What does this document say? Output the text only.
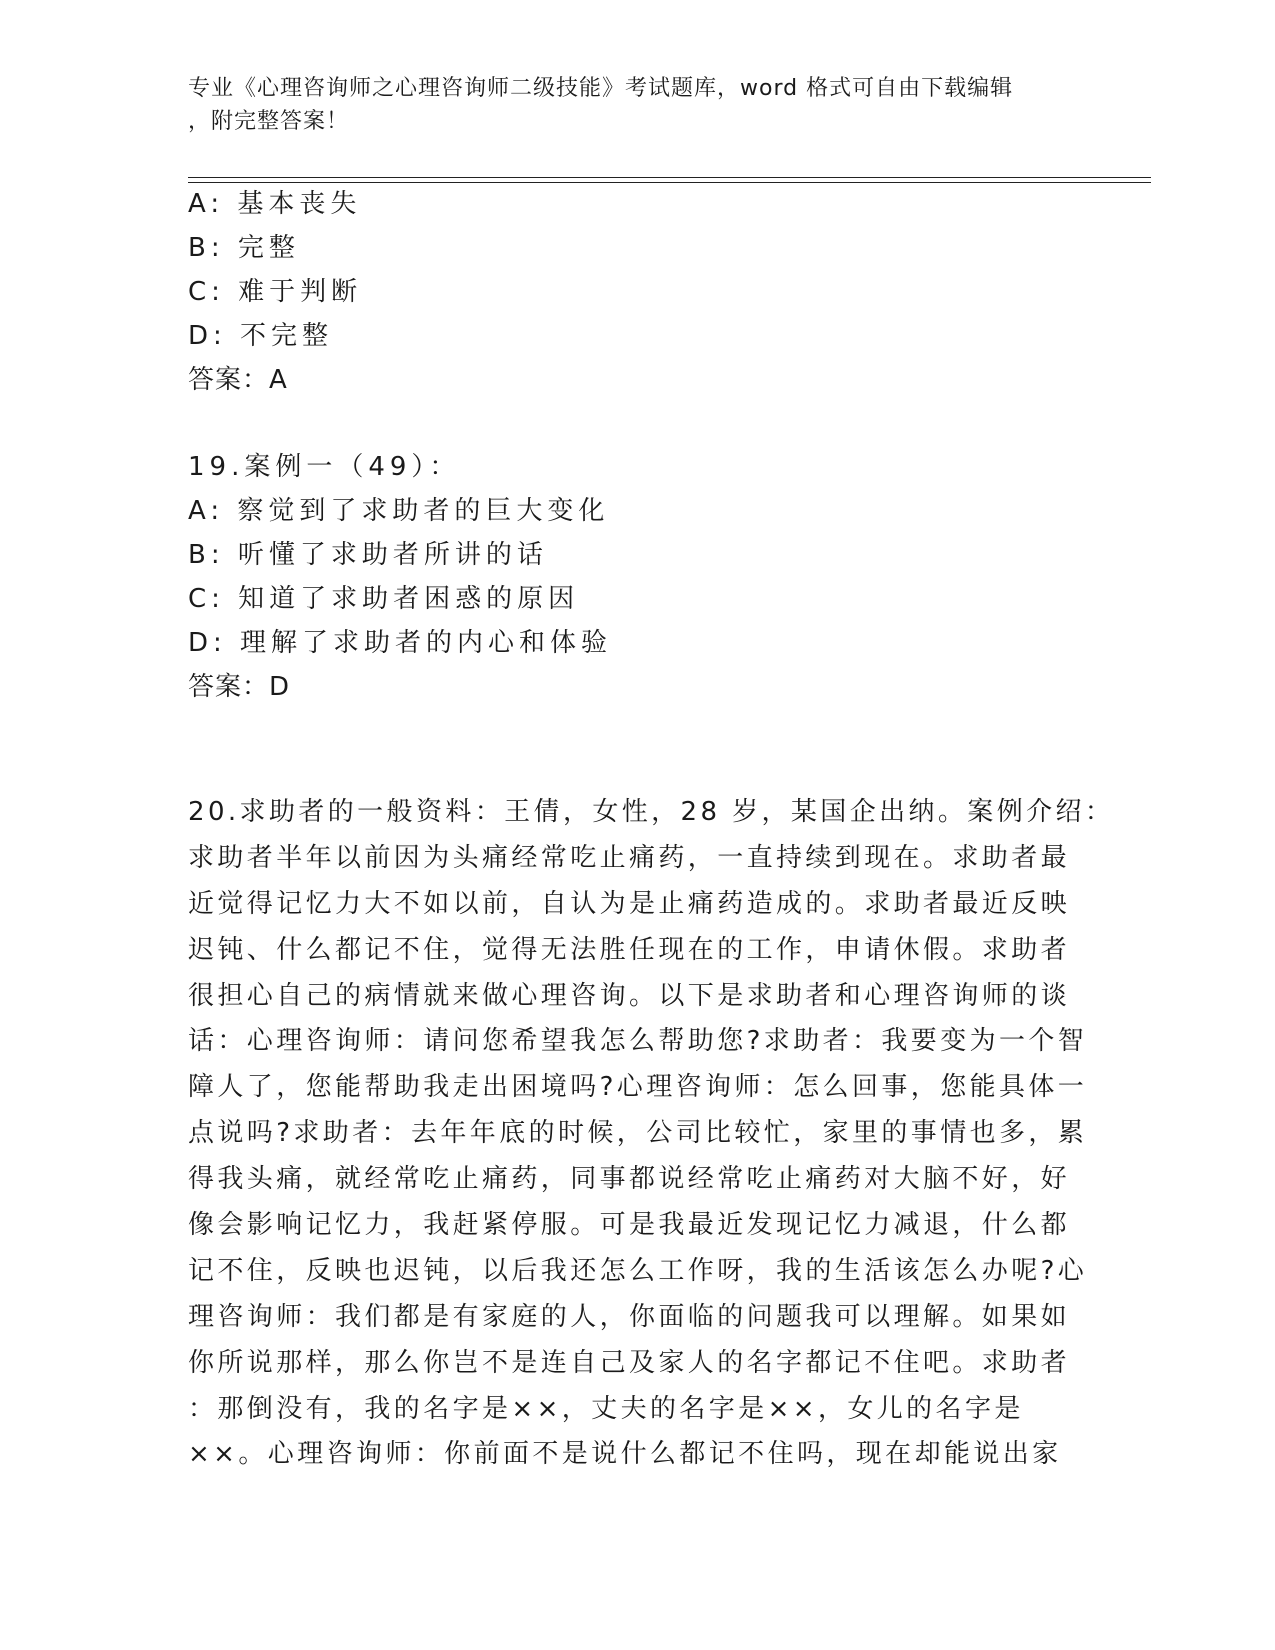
专业《心理咨询师之心理咨询师二级技能》考试题库，word 格式可自由下载编辑
，附完整答案！
A: 基本丧失
B: 完整
C: 难于判断
D: 不完整
答案：A
19.案例一（49）：
A: 察觉到了求助者的巨大变化
B: 听懂了求助者所讲的话
C: 知道了求助者困惑的原因
D: 理解了求助者的内心和体验
答案：D
20.求助者的一般资料：王倩，女性，28 岁，某国企出纳。案例介绍：
求助者半年以前因为头痛经常吃止痛药，一直持续到现在。求助者最
近觉得记忆力大不如以前，自认为是止痛药造成的。求助者最近反映
迟钝、什么都记不住，觉得无法胜任现在的工作，申请休假。求助者
很担心自己的病情就来做心理咨询。以下是求助者和心理咨询师的谈
话：心理咨询师：请问您希望我怎么帮助您?求助者：我要变为一个智
障人了，您能帮助我走出困境吗?心理咨询师：怎么回事，您能具体一
点说吗?求助者：去年年底的时候，公司比较忙，家里的事情也多，累
得我头痛，就经常吃止痛药，同事都说经常吃止痛药对大脑不好，好
像会影响记忆力，我赶紧停服。可是我最近发现记忆力减退，什么都
记不住，反映也迟钝，以后我还怎么工作呀，我的生活该怎么办呢?心
理咨询师：我们都是有家庭的人，你面临的问题我可以理解。如果如
你所说那样，那么你岂不是连自己及家人的名字都记不住吧。求助者
：那倒没有，我的名字是××，丈夫的名字是××，女儿的名字是
××。心理咨询师：你前面不是说什么都记不住吗，现在却能说出家
